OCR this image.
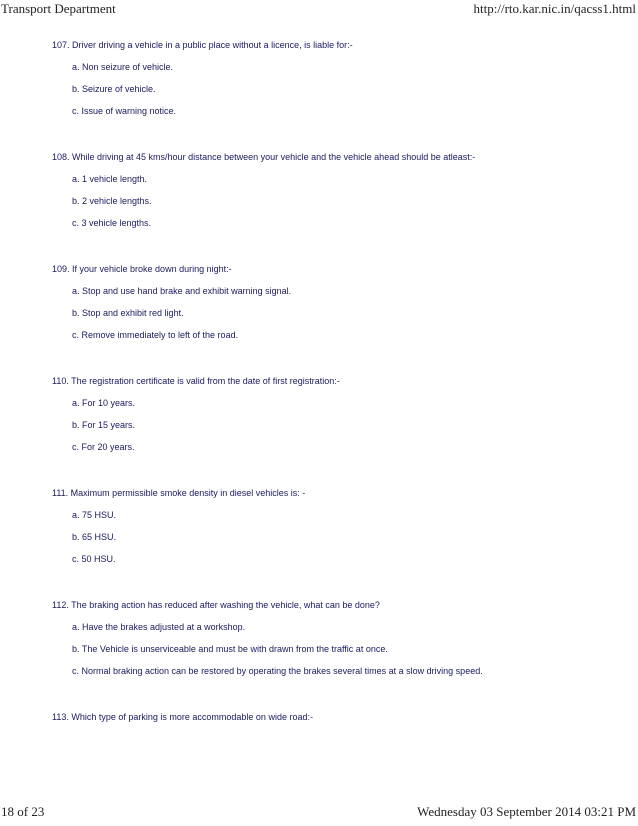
Transport Department	http://rto.kar.nic.in/qacss1.html

107. Driver driving a vehicle in a public place without a licence, is liable for:-

a. Non seizure of vehicle.
b. Seizure of vehicle.
c. Issue of warning notice.

108. While driving at 45 kms/hour distance between your vehicle and the vehicle ahead should be atleast:-

a. 1 vehicle length.
b. 2 vehicle lengths.
c. 3 vehicle lengths.

109. If your vehicle broke down during night:-

a. Stop and use hand brake and exhibit warning signal.
b. Stop and exhibit red light.
c. Remove immediately to left of the road.

110. The registration certificate is valid from the date of first registration:-

a. For 10 years.
b. For 15 years.
c. For 20 years.

111. Maximum permissible smoke density in diesel vehicles is: -

a. 75 HSU.
b. 65 HSU.
c. 50 HSU.

112. The braking action has reduced after washing the vehicle, what can be done?

a. Have the brakes adjusted at a workshop.
b. The Vehicle is unserviceable and must be with drawn from the traffic at once.
c. Normal braking action can be restored by operating the brakes several times at a slow driving speed.

113. Which type of parking is more accommodable on wide road:-

18 of 23	Wednesday 03 September 2014 03:21 PM
